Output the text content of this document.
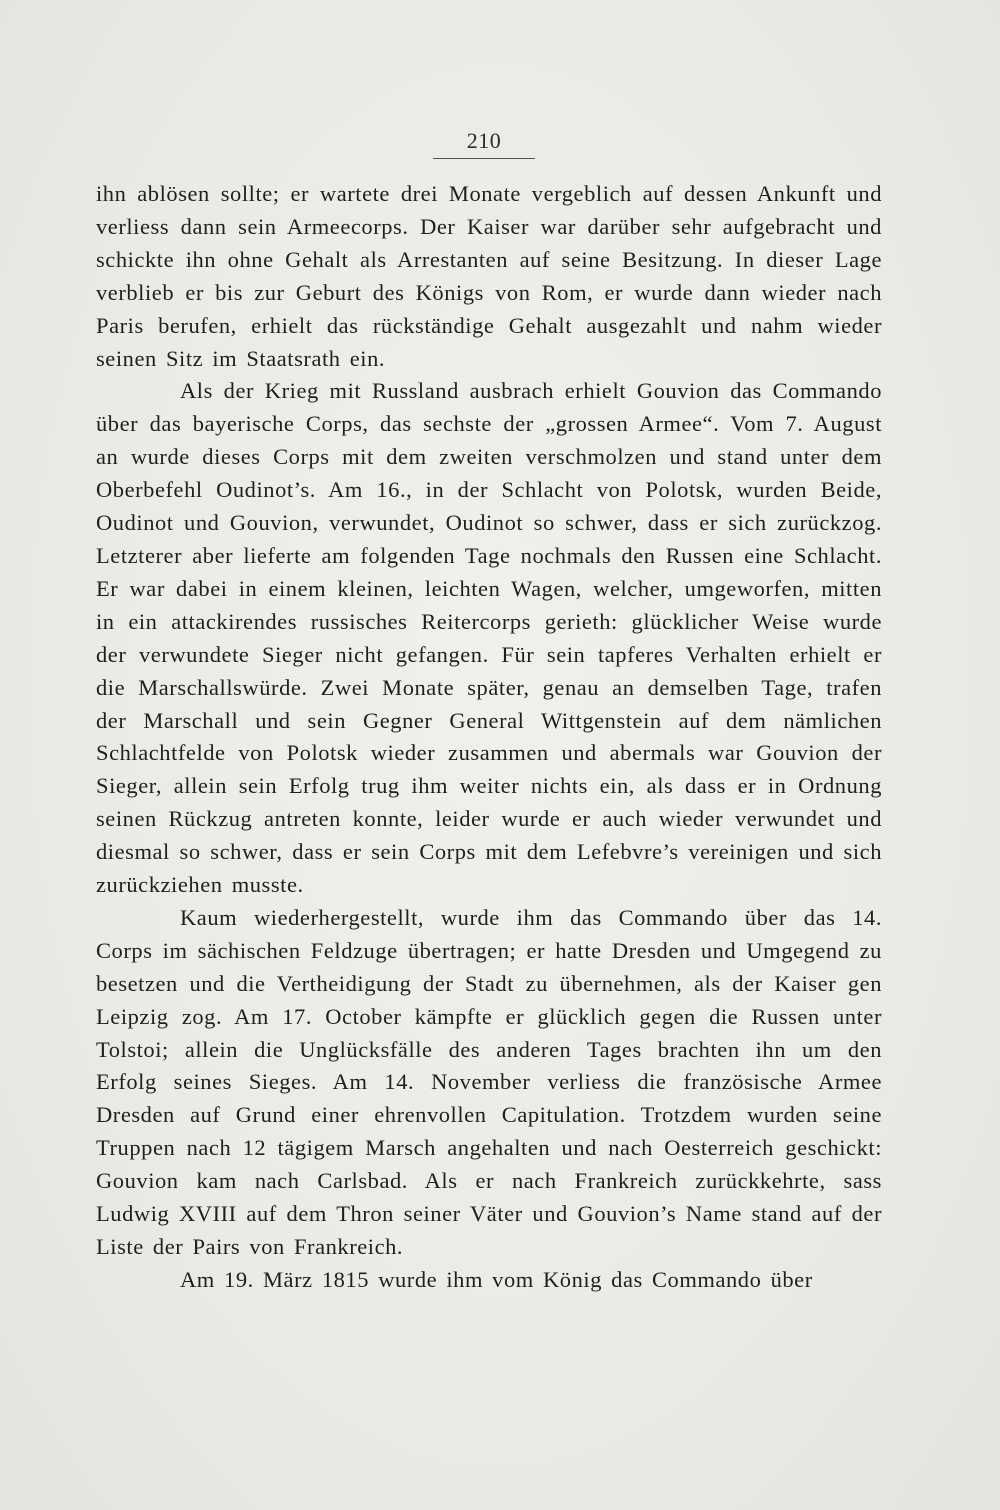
210

ihn ablösen sollte; er wartete drei Monate vergeblich auf dessen Ankunft und verliess dann sein Armeecorps. Der Kaiser war darüber sehr aufgebracht und schickte ihn ohne Gehalt als Arrestanten auf seine Besitzung. In dieser Lage verblieb er bis zur Geburt des Königs von Rom, er wurde dann wieder nach Paris berufen, erhielt das rückständige Gehalt ausgezahlt und nahm wieder seinen Sitz im Staatsrath ein.

Als der Krieg mit Russland ausbrach erhielt Gouvion das Commando über das bayerische Corps, das sechste der „grossen Armee“. Vom 7. August an wurde dieses Corps mit dem zweiten verschmolzen und stand unter dem Oberbefehl Oudinot’s. Am 16., in der Schlacht von Polotsk, wurden Beide, Oudinot und Gouvion, verwundet, Oudinot so schwer, dass er sich zurückzog. Letzterer aber lieferte am folgenden Tage nochmals den Russen eine Schlacht. Er war dabei in einem kleinen, leichten Wagen, welcher, umgeworfen, mitten in ein attackirendes russisches Reitercorps gerieth: glücklicher Weise wurde der verwundete Sieger nicht gefangen. Für sein tapferes Verhalten erhielt er die Marschallswürde. Zwei Monate später, genau an demselben Tage, trafen der Marschall und sein Gegner General Wittgenstein auf dem nämlichen Schlachtfelde von Polotsk wieder zusammen und abermals war Gouvion der Sieger, allein sein Erfolg trug ihm weiter nichts ein, als dass er in Ordnung seinen Rückzug antreten konnte, leider wurde er auch wieder verwundet und diesmal so schwer, dass er sein Corps mit dem Lefebvre’s vereinigen und sich zurückziehen musste.

Kaum wiederhergestellt, wurde ihm das Commando über das 14. Corps im sächischen Feldzuge übertragen; er hatte Dresden und Umgegend zu besetzen und die Vertheidigung der Stadt zu übernehmen, als der Kaiser gen Leipzig zog. Am 17. October kämpfte er glücklich gegen die Russen unter Tolstoi; allein die Unglücksfälle des anderen Tages brachten ihn um den Erfolg seines Sieges. Am 14. November verliess die französische Armee Dresden auf Grund einer ehrenvollen Capitulation. Trotzdem wurden seine Truppen nach 12 tägigem Marsch angehalten und nach Oesterreich geschickt: Gouvion kam nach Carlsbad. Als er nach Frankreich zurückkehrte, sass Ludwig XVIII auf dem Thron seiner Väter und Gouvion’s Name stand auf der Liste der Pairs von Frankreich.

Am 19. März 1815 wurde ihm vom König das Commando über
